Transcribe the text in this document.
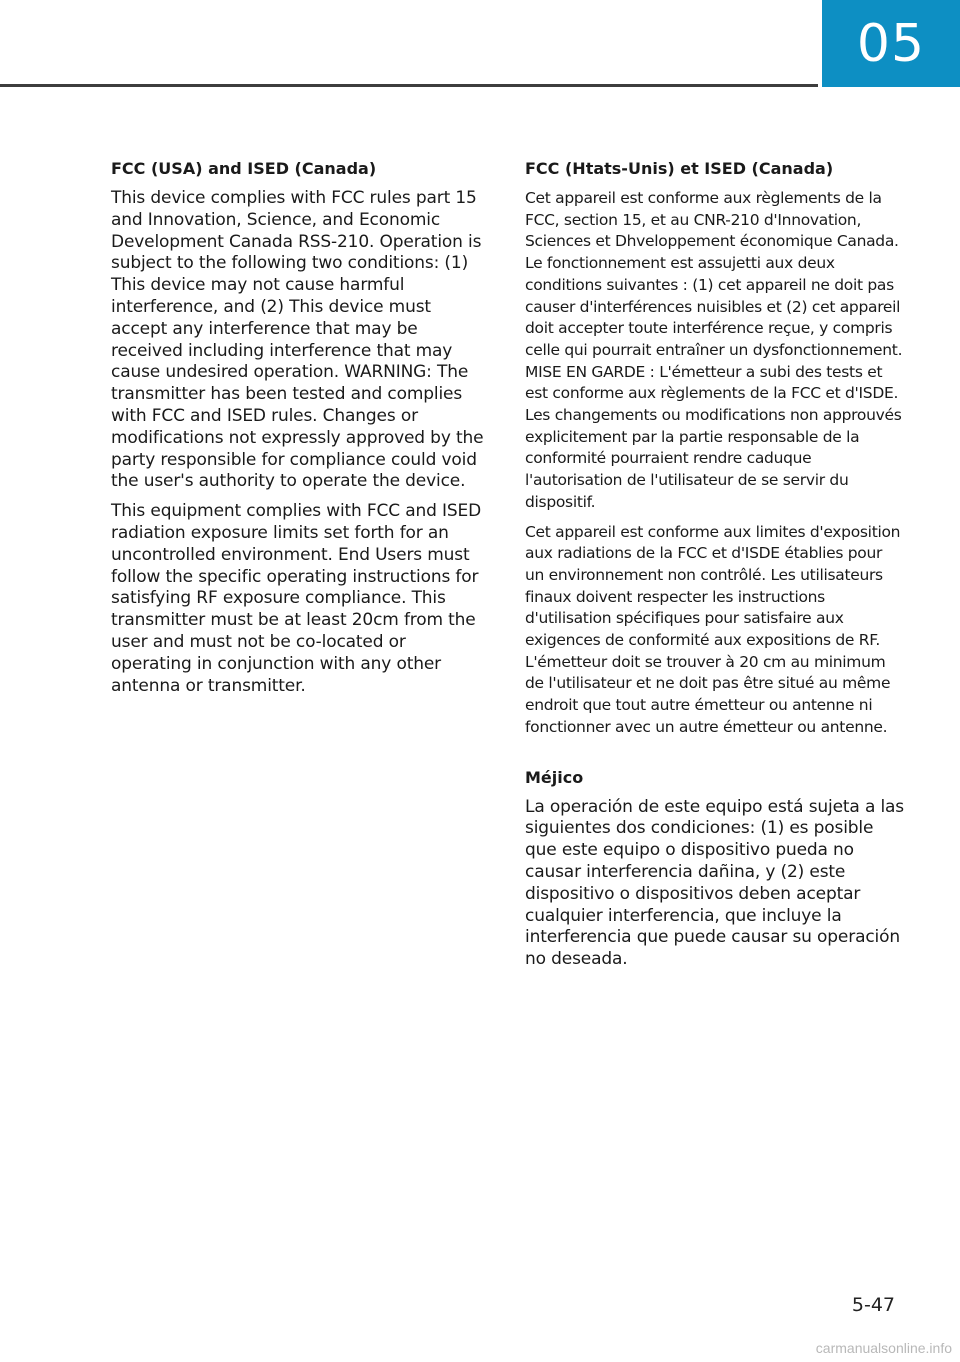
05
FCC (USA) and ISED (Canada)

This device complies with FCC rules part 15 and Innovation, Science, and Economic Development Canada RSS-210. Operation is subject to the following two conditions: (1) This device may not cause harmful interference, and (2) This device must accept any interference that may be received including interference that may cause undesired operation. WARNING: The transmitter has been tested and complies with FCC and ISED rules. Changes or modifications not expressly approved by the party responsible for compliance could void the user's authority to operate the device.

This equipment complies with FCC and ISED radiation exposure limits set forth for an uncontrolled environment. End Users must follow the specific operating instructions for satisfying RF exposure compliance. This transmitter must be at least 20cm from the user and must not be co-located or operating in conjunction with any other antenna or transmitter.

FCC (Htats-Unis) et ISED (Canada)

Cet appareil est conforme aux règlements de la FCC, section 15, et au CNR-210 d'Innovation, Sciences et Dhveloppement économique Canada. Le fonctionnement est assujetti aux deux conditions suivantes : (1) cet appareil ne doit pas causer d'interférences nuisibles et (2) cet appareil doit accepter toute interférence reçue, y compris celle qui pourrait entraîner un dysfonctionnement. MISE EN GARDE : L'émetteur a subi des tests et est conforme aux règlements de la FCC et d'ISDE. Les changements ou modifications non approuvés explicitement par la partie responsable de la conformité pourraient rendre caduque l'autorisation de l'utilisateur de se servir du dispositif.

Cet appareil est conforme aux limites d'exposition aux radiations de la FCC et d'ISDE établies pour un environnement non contrôlé. Les utilisateurs finaux doivent respecter les instructions d'utilisation spécifiques pour satisfaire aux exigences de conformité aux expositions de RF. L'émetteur doit se trouver à 20 cm au minimum de l'utilisateur et ne doit pas être situé au même endroit que tout autre émetteur ou antenne ni fonctionner avec un autre émetteur ou antenne.

Méjico

La operación de este equipo está sujeta a las siguientes dos condiciones: (1) es posible que este equipo o dispositivo pueda no causar interferencia dañina, y (2) este dispositivo o dispositivos deben aceptar cualquier interferencia, que incluye la interferencia que puede causar su operación no deseada.

5-47
carmanualsonline.info
